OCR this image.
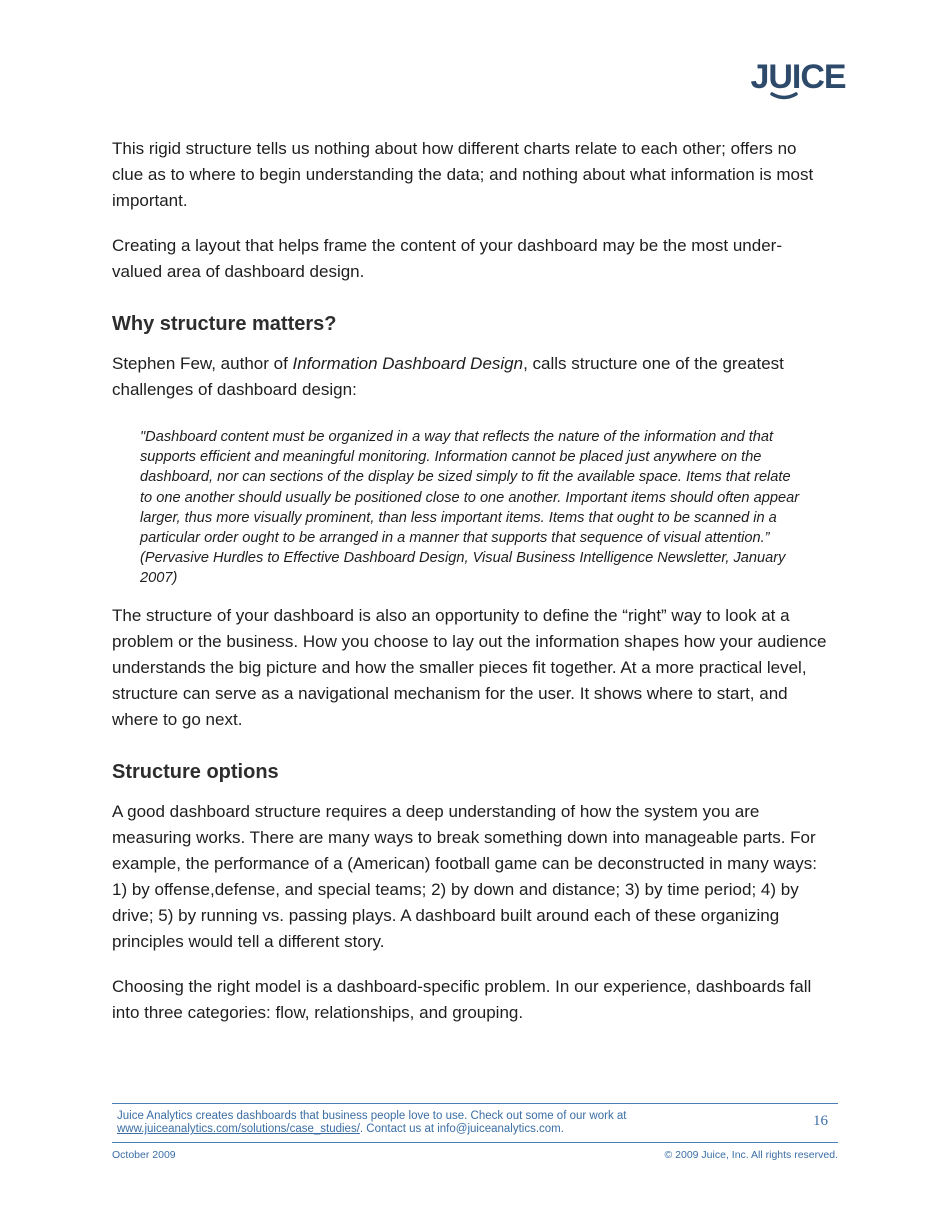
JUICE

This rigid structure tells us nothing about how different charts relate to each other; offers no clue as to where to begin understanding the data; and nothing about what information is most important.

Creating a layout that helps frame the content of your dashboard may be the most under-valued area of dashboard design.

Why structure matters?

Stephen Few, author of Information Dashboard Design, calls structure one of the greatest challenges of dashboard design:

"Dashboard content must be organized in a way that reflects the nature of the information and that supports efficient and meaningful monitoring. Information cannot be placed just anywhere on the dashboard, nor can sections of the display be sized simply to fit the available space. Items that relate to one another should usually be positioned close to one another. Important items should often appear larger, thus more visually prominent, than less important items. Items that ought to be scanned in a particular order ought to be arranged in a manner that supports that sequence of visual attention.” (Pervasive Hurdles to Effective Dashboard Design, Visual Business Intelligence Newsletter, January 2007)

The structure of your dashboard is also an opportunity to define the “right” way to look at a problem or the business. How you choose to lay out the information shapes how your audience understands the big picture and how the smaller pieces fit together. At a more practical level, structure can serve as a navigational mechanism for the user. It shows where to start, and where to go next.

Structure options

A good dashboard structure requires a deep understanding of how the system you are measuring works. There are many ways to break something down into manageable parts. For example, the performance of a (American) football game can be deconstructed in many ways: 1) by offense,defense, and special teams; 2) by down and distance; 3) by time period; 4) by drive; 5) by running vs. passing plays. A dashboard built around each of these organizing principles would tell a different story.

Choosing the right model is a dashboard-specific problem. In our experience, dashboards fall into three categories: flow, relationships, and grouping.

Juice Analytics creates dashboards that business people love to use. Check out some of our work at
www.juiceanalytics.com/solutions/case_studies/. Contact us at info@juiceanalytics.com.	16
October 2009	© 2009 Juice, Inc. All rights reserved.
